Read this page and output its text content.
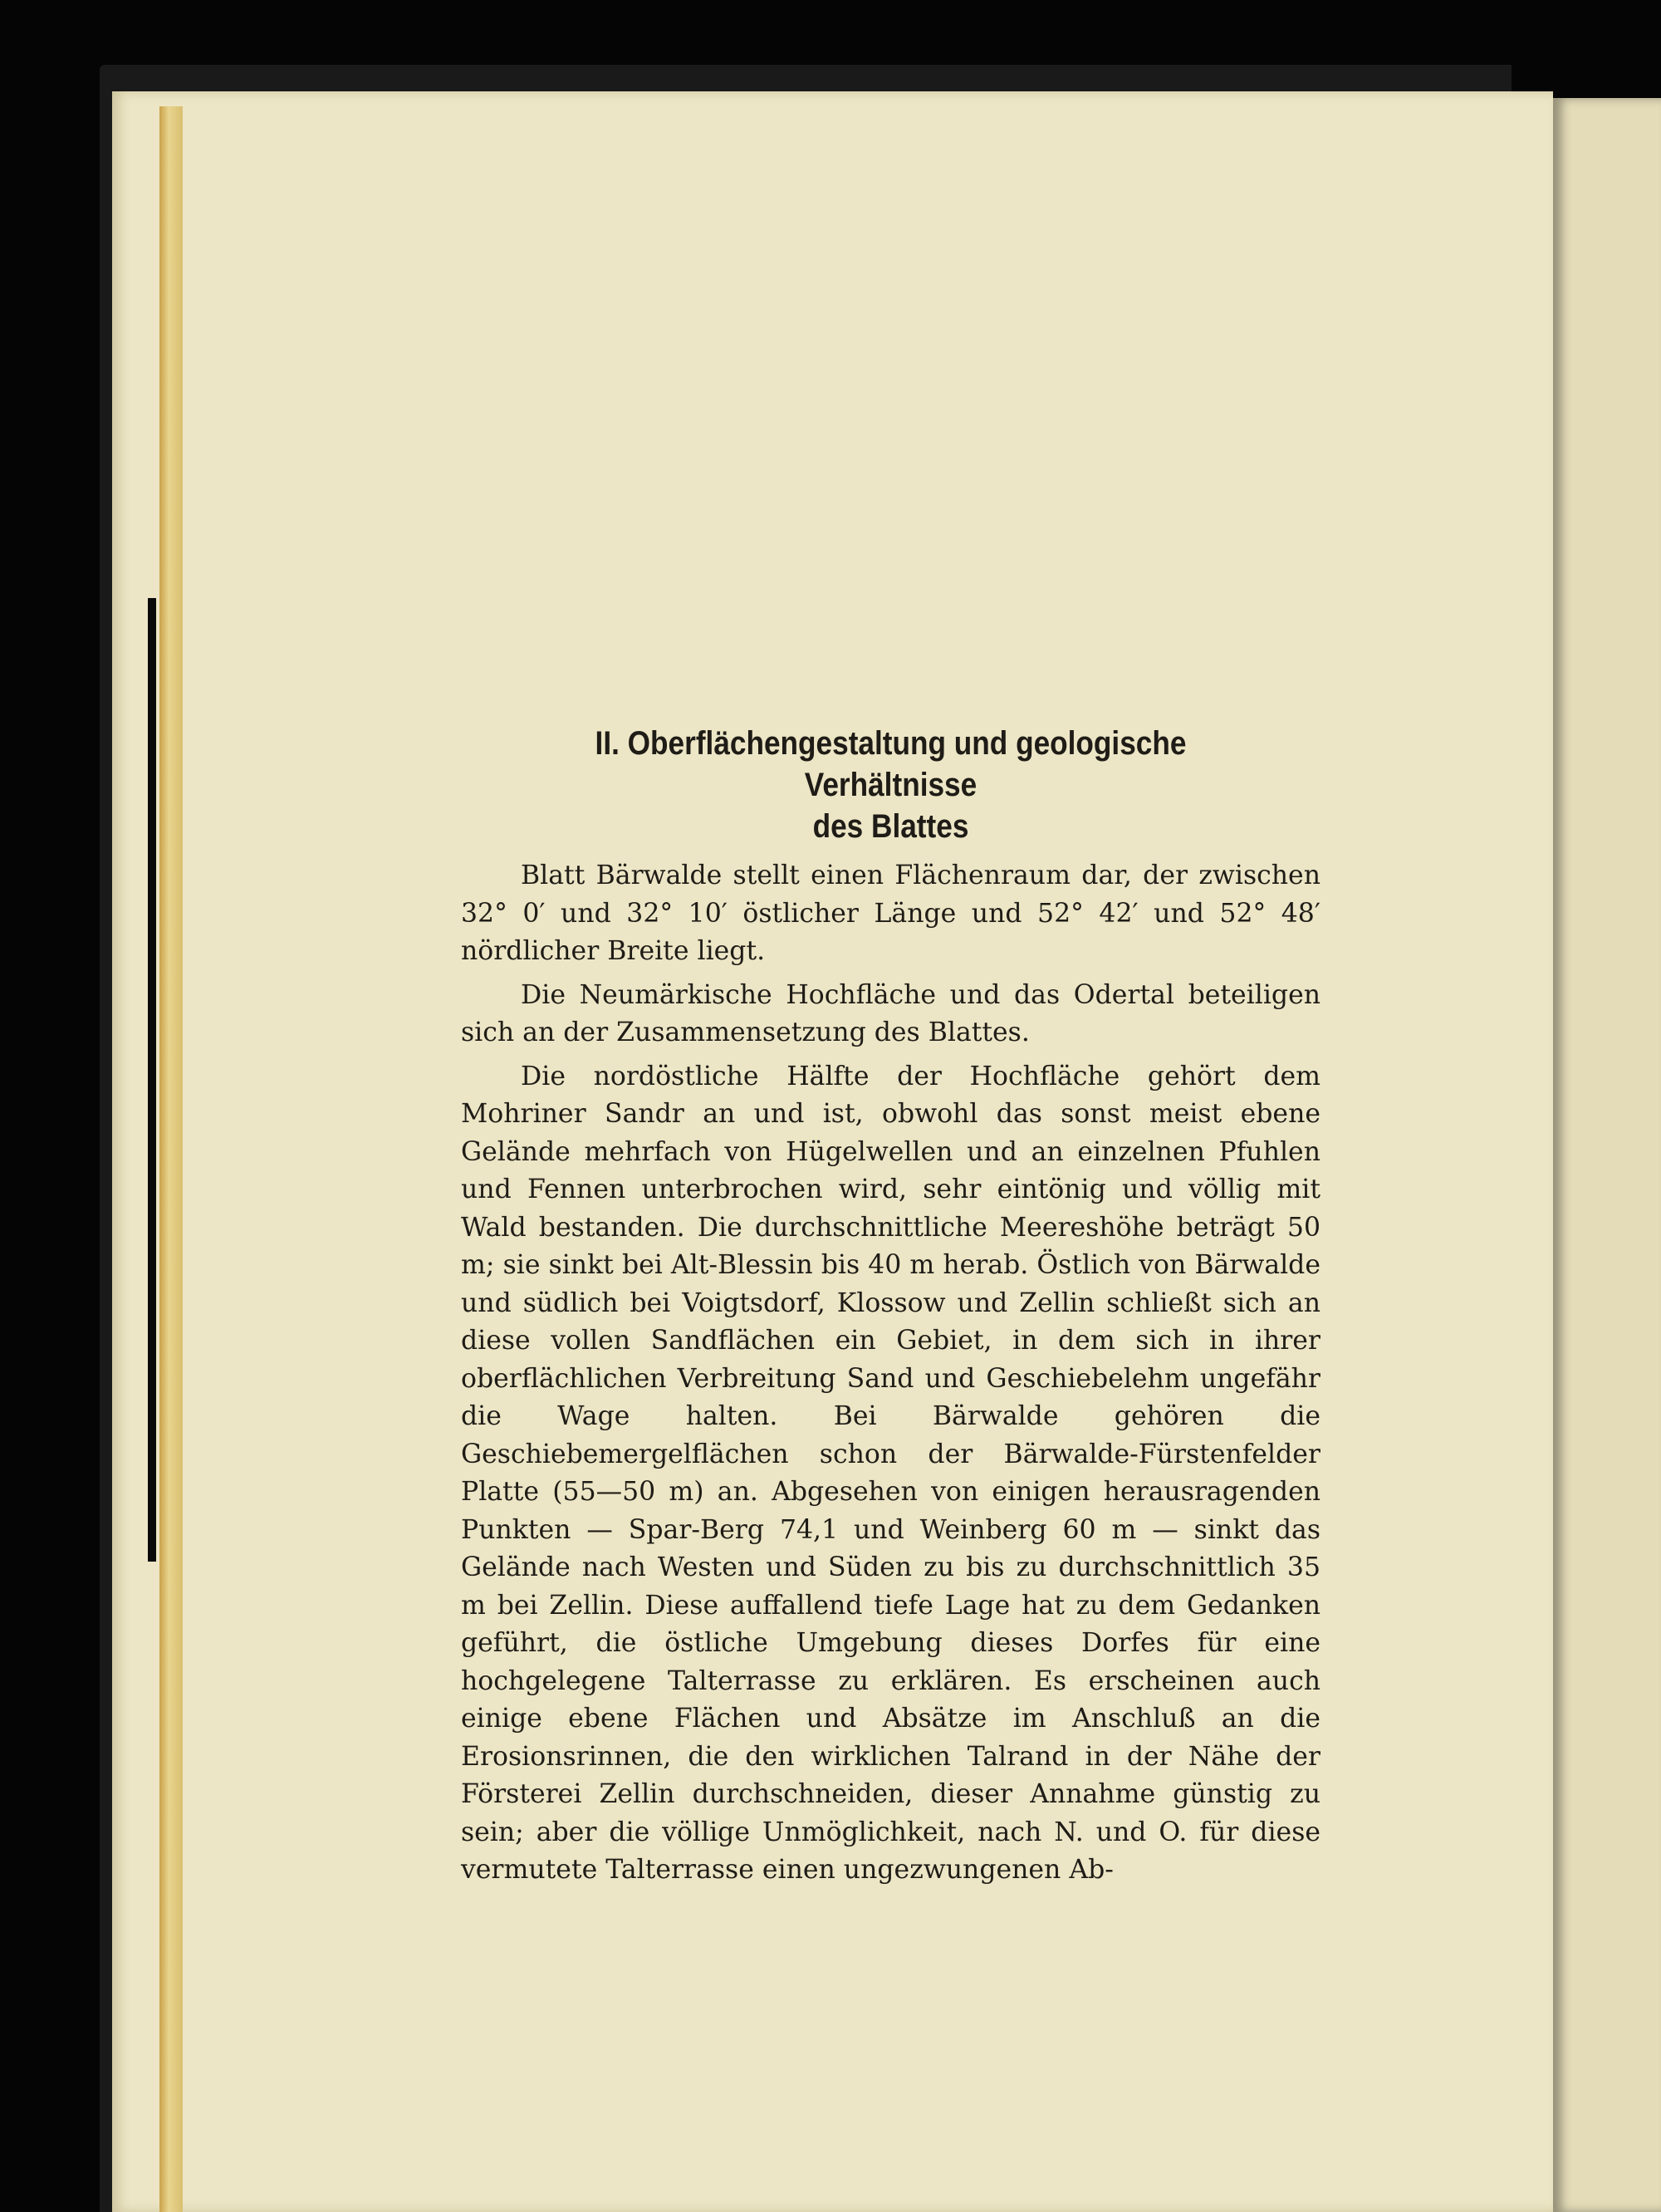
II. Oberflächengestaltung und geologische Verhältnisse
des Blattes

Blatt Bärwalde stellt einen Flächenraum dar, der zwischen 32° 0′ und 32° 10′ östlicher Länge und 52° 42′ und 52° 48′ nördlicher Breite liegt.

Die Neumärkische Hochfläche und das Odertal beteiligen sich an der Zusammensetzung des Blattes.

Die nordöstliche Hälfte der Hochfläche gehört dem Mohriner Sandr an und ist, obwohl das sonst meist ebene Gelände mehrfach von Hügelwellen und an einzelnen Pfuhlen und Fennen unterbrochen wird, sehr eintönig und völlig mit Wald bestanden. Die durchschnittliche Meereshöhe beträgt 50 m; sie sinkt bei Alt-Blessin bis 40 m herab. Östlich von Bärwalde und südlich bei Voigtsdorf, Klossow und Zellin schließt sich an diese vollen Sandflächen ein Gebiet, in dem sich in ihrer oberflächlichen Verbreitung Sand und Geschiebelehm ungefähr die Wage halten. Bei Bärwalde gehören die Geschiebemergelflächen schon der Bärwalde-Fürstenfelder Platte (55—50 m) an. Abgesehen von einigen herausragenden Punkten — Spar-Berg 74,1 und Weinberg 60 m — sinkt das Gelände nach Westen und Süden zu bis zu durchschnittlich 35 m bei Zellin. Diese auffallend tiefe Lage hat zu dem Gedanken geführt, die östliche Umgebung dieses Dorfes für eine hochgelegene Talterrasse zu erklären. Es erscheinen auch einige ebene Flächen und Absätze im Anschluß an die Erosionsrinnen, die den wirklichen Talrand in der Nähe der Försterei Zellin durchschneiden, dieser Annahme günstig zu sein; aber die völlige Unmöglichkeit, nach N. und O. für diese vermutete Talterrasse einen ungezwungenen Ab-
